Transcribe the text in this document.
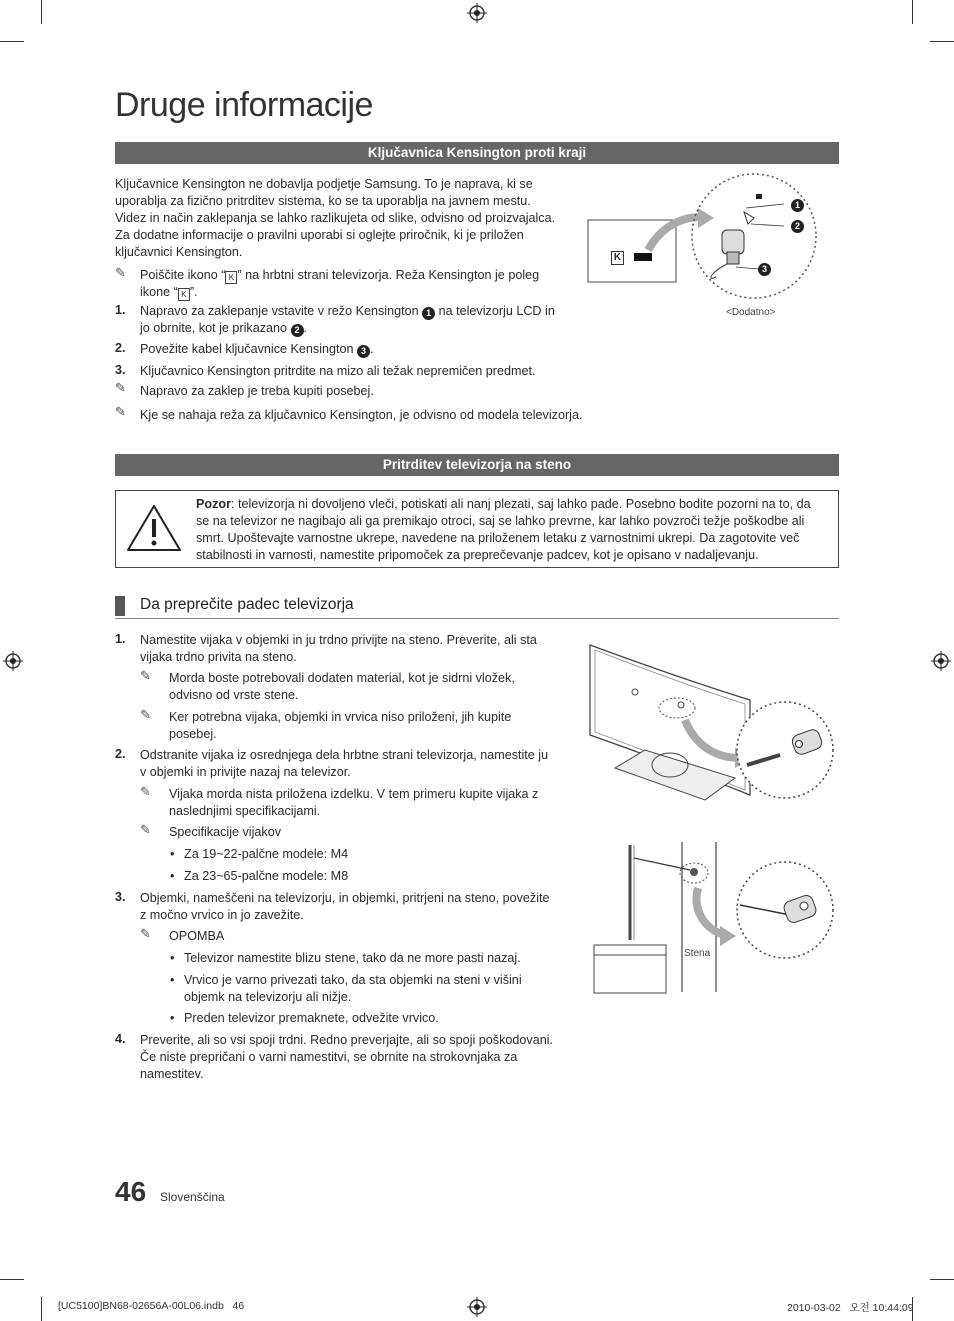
Druge informacije
Ključavnica Kensington proti kraji
Ključavnice Kensington ne dobavlja podjetje Samsung. To je naprava, ki se
uporablja za fizično pritrditev sistema, ko se ta uporablja na javnem mestu.
Videz in način zaklepanja se lahko razlikujeta od slike, odvisno od proizvajalca.
Za dodatne informacije o pravilni uporabi si oglejte priročnik, ki je priložen
ključavnici Kensington.
✎ Poiščite ikono “ K ” na hrbtni strani televizorja. Reža Kensington je poleg
ikone “ K ”.
1. Napravo za zaklepanje vstavite v režo Kensington 1 na televizorju LCD in
jo obrnite, kot je prikazano 2 .
2. Povežite kabel ključavnice Kensington 3 .
3. Ključavnico Kensington pritrdite na mizo ali težak nepremičen predmet.
✎ Napravo za zaklep je treba kupiti posebej.
✎ Kje se nahaja reža za ključavnico Kensington, je odvisno od modela televizorja.
K
1
2
3
<Dodatno>
Pritrditev televizorja na steno
Pozor: televizorja ni dovoljeno vleči, potiskati ali nanj plezati, saj lahko pade. Posebno bodite pozorni na to, da
se na televizor ne nagibajo ali ga premikajo otroci, saj se lahko prevrne, kar lahko povzroči težje poškodbe ali
smrt. Upoštevajte varnostne ukrepe, navedene na priloženem letaku z varnostnimi ukrepi. Da zagotovite več
stabilnosti in varnosti, namestite pripomoček za preprečevanje padcev, kot je opisano v nadaljevanju.
Da preprečite padec televizorja
1. Namestite vijaka v objemki in ju trdno privijte na steno. Preverite, ali sta
vijaka trdno privita na steno.
✎ Morda boste potrebovali dodaten material, kot je sidrni vložek,
odvisno od vrste stene.
✎ Ker potrebna vijaka, objemki in vrvica niso priloženi, jih kupite
posebej.
2. Odstranite vijaka iz osrednjega dela hrbtne strani televizorja, namestite ju
v objemki in privijte nazaj na televizor.
✎ Vijaka morda nista priložena izdelku. V tem primeru kupite vijaka z
naslednjimi specifikacijami.
✎ Specifikacije vijakov
• Za 19~22-palčne modele: M4
• Za 23~65-palčne modele: M8
3. Objemki, nameščeni na televizorju, in objemki, pritrjeni na steno, povežite
z močno vrvico in jo zavežite.
✎ OPOMBA
• Televizor namestite blizu stene, tako da ne more pasti nazaj.
• Vrvico je varno privezati tako, da sta objemki na steni v višini
objemk na televizorju ali nižje.
• Preden televizor premaknete, odvežite vrvico.
4. Preverite, ali so vsi spoji trdni. Redno preverjajte, ali so spoji poškodovani.
Če niste prepričani o varni namestitvi, se obrnite na strokovnjaka za
namestitev.
Stena
46 Slovenščina
[UC5100]BN68-02656A-00L06.indb   46	2010-03-02   오전 10:44:09
